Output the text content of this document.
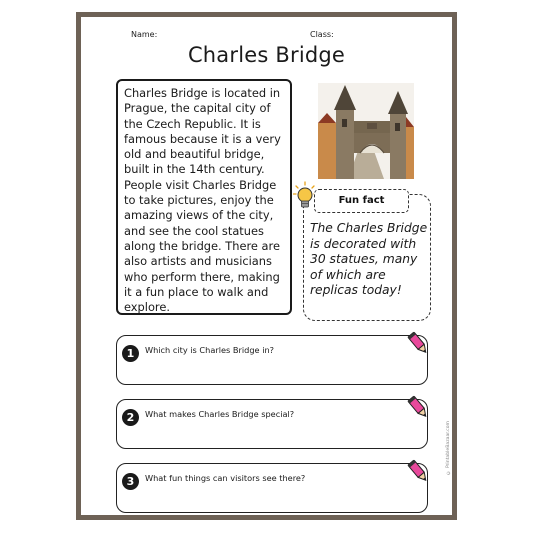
Name:	Class:
Charles Bridge
Charles Bridge is located in Prague, the capital city of the Czech Republic. It is famous because it is a very old and beautiful bridge, built in the 14th century. People visit Charles Bridge to take pictures, enjoy the amazing views of the city, and see the cool statues along the bridge. There are also artists and musicians who perform there, making it a fun place to walk and explore.
Fun fact
The Charles Bridge is decorated with 30 statues, many of which are replicas today!
1	Which city is Charles Bridge in?
2	What makes Charles Bridge special?
3	What fun things can visitors see there?
© PrintableBazaar.com
